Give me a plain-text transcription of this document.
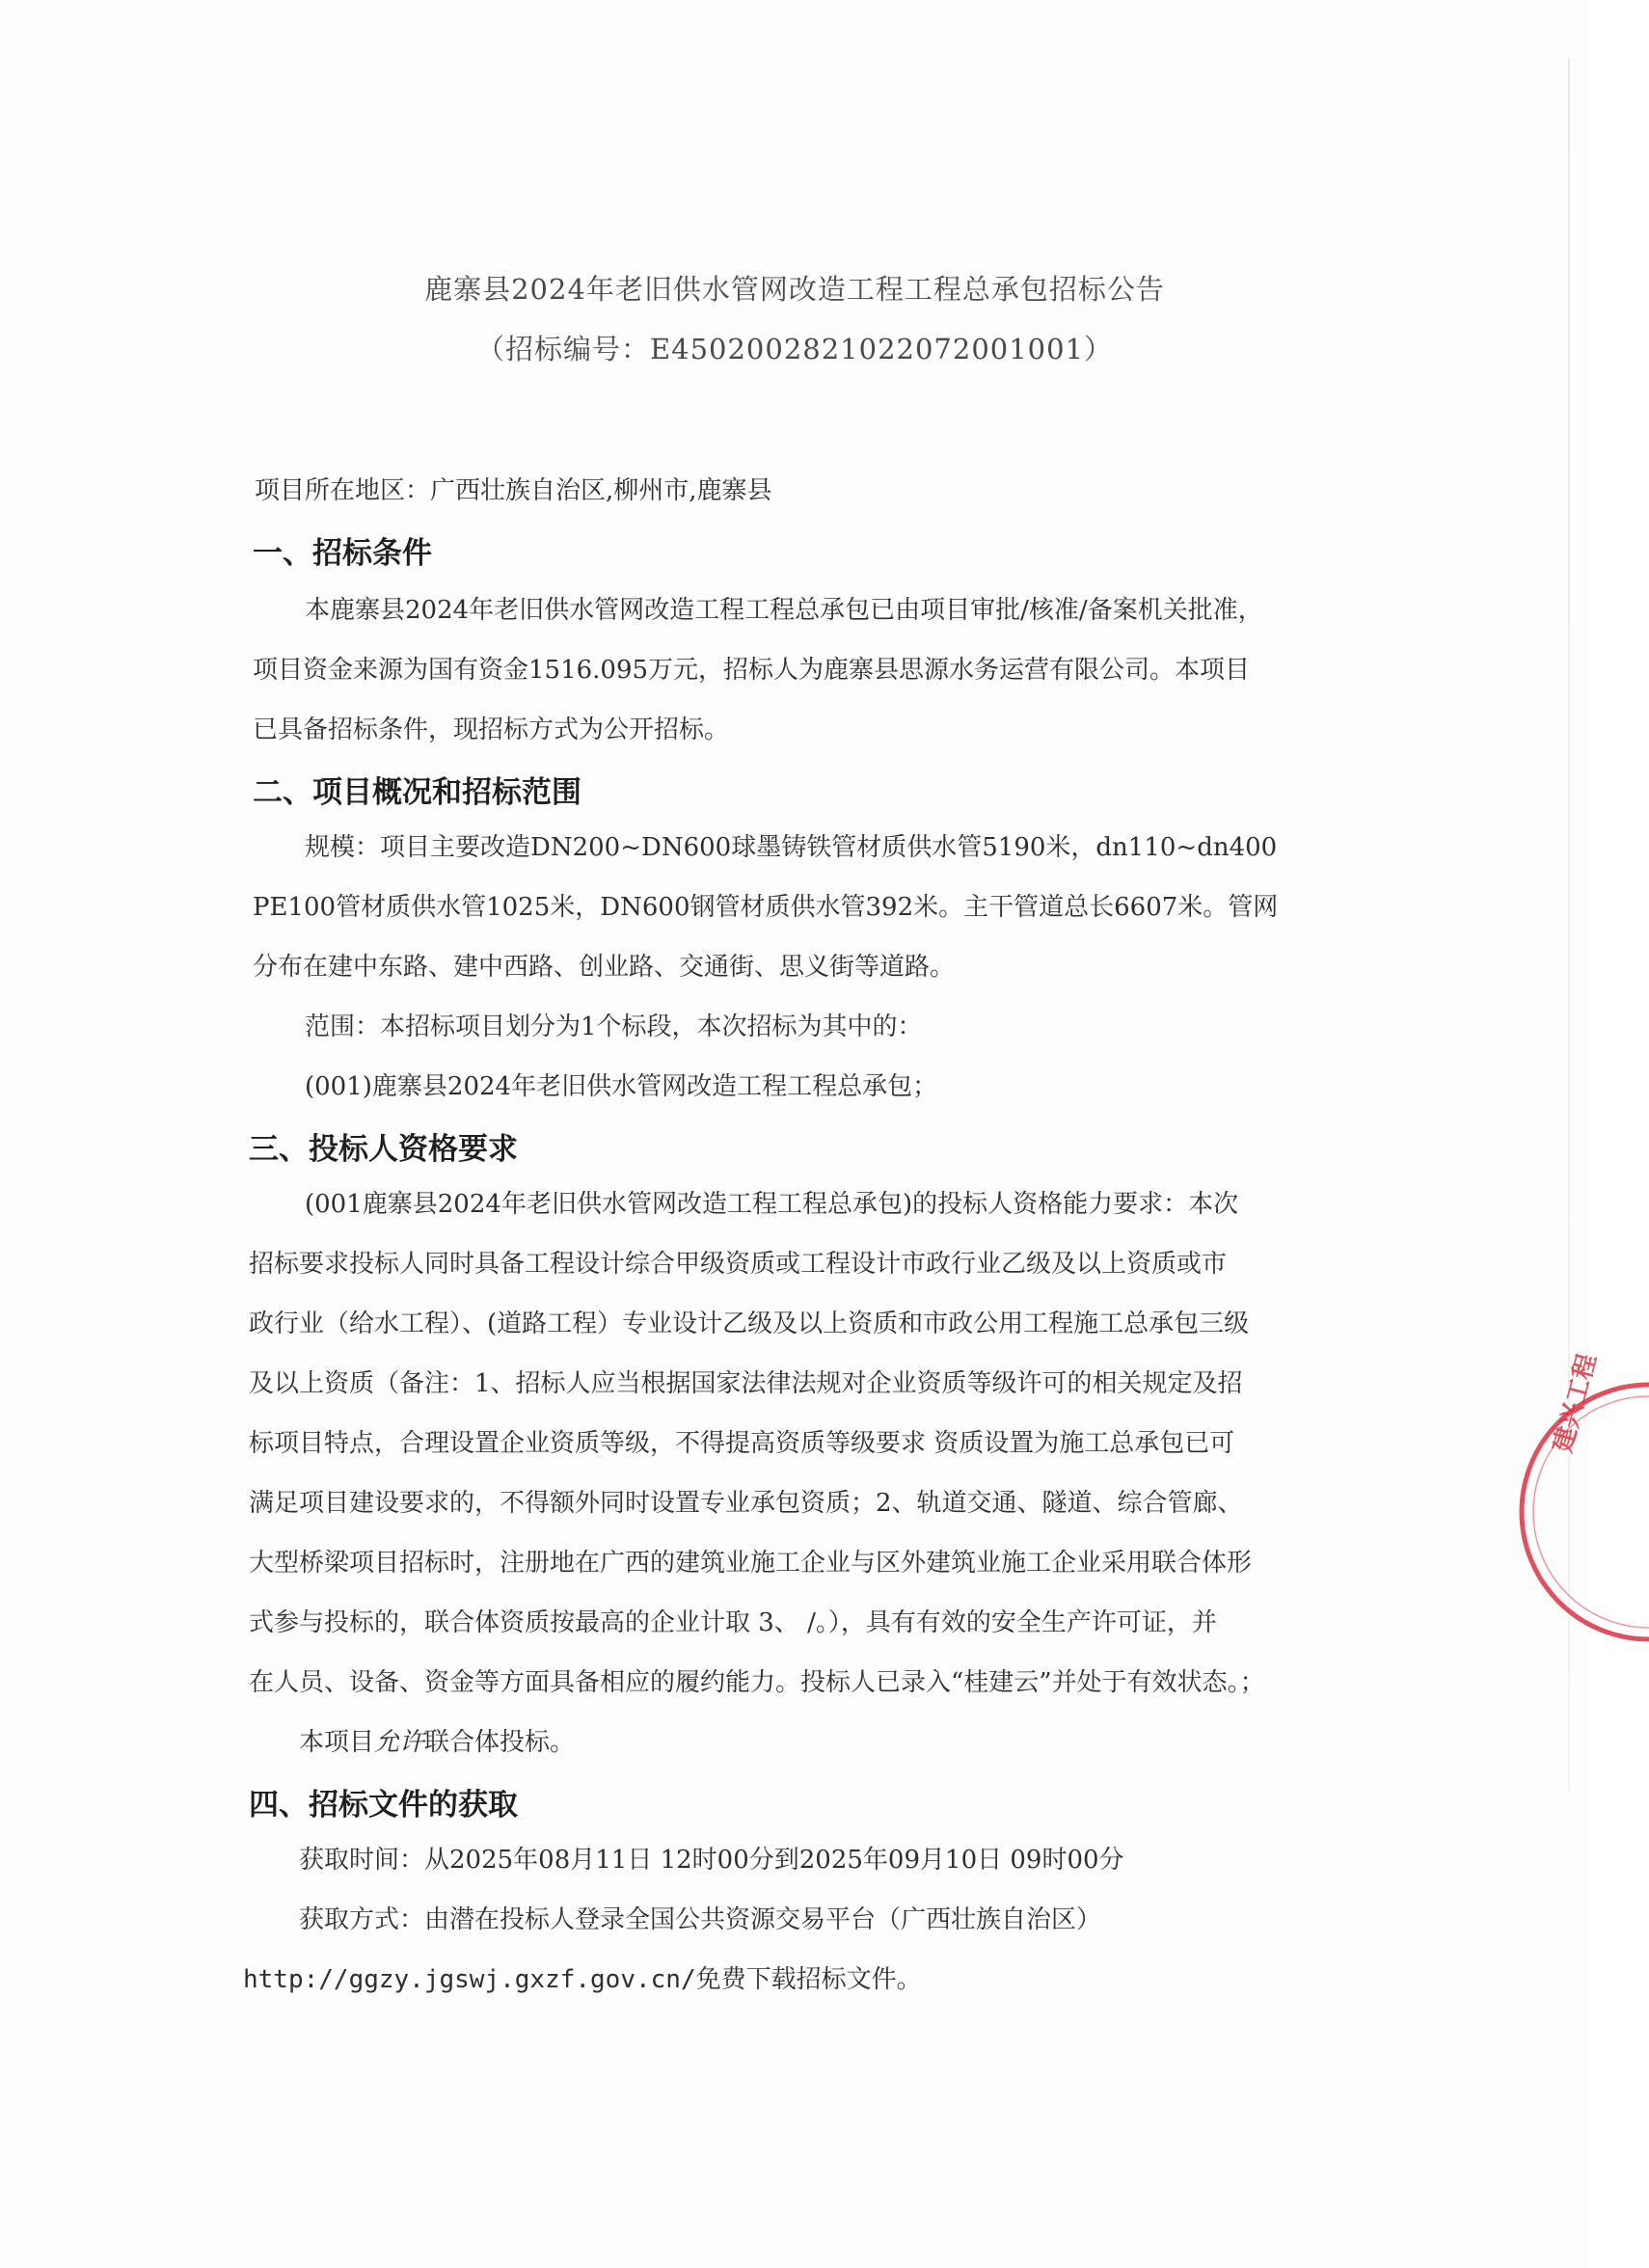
鹿寨县2024年老旧供水管网改造工程工程总承包招标公告
（招标编号：E4502002821022072001001）
项目所在地区：广西壮族自治区,柳州市,鹿寨县
一、招标条件
本鹿寨县2024年老旧供水管网改造工程工程总承包已由项目审批/核准/备案机关批准，
项目资金来源为国有资金1516.095万元，招标人为鹿寨县思源水务运营有限公司。本项目
已具备招标条件，现招标方式为公开招标。
二、项目概况和招标范围
规模：项目主要改造DN200~DN600球墨铸铁管材质供水管5190米，dn110~dn400
PE100管材质供水管1025米，DN600钢管材质供水管392米。主干管道总长6607米。管网
分布在建中东路、建中西路、创业路、交通街、思义街等道路。
范围：本招标项目划分为1个标段，本次招标为其中的：
(001)鹿寨县2024年老旧供水管网改造工程工程总承包；
三、投标人资格要求
(001鹿寨县2024年老旧供水管网改造工程工程总承包)的投标人资格能力要求：本次
招标要求投标人同时具备工程设计综合甲级资质或工程设计市政行业乙级及以上资质或市
政行业（给水工程）、(道路工程）专业设计乙级及以上资质和市政公用工程施工总承包三级
及以上资质（备注：1、招标人应当根据国家法律法规对企业资质等级许可的相关规定及招
标项目特点，合理设置企业资质等级，不得提高资质等级要求 资质设置为施工总承包已可
满足项目建设要求的，不得额外同时设置专业承包资质；2、轨道交通、隧道、综合管廊、
大型桥梁项目招标时，注册地在广西的建筑业施工企业与区外建筑业施工企业采用联合体形
式参与投标的，联合体资质按最高的企业计取 3、 /。），具有有效的安全生产许可证，并
在人员、设备、资金等方面具备相应的履约能力。投标人已录入“桂建云”并处于有效状态。；
本项目允许联合体投标。
四、招标文件的获取
获取时间：从2025年08月11日 12时00分到2025年09月10日 09时00分
获取方式：由潜在投标人登录全国公共资源交易平台（广西壮族自治区）
http://ggzy.jgswj.gxzf.gov.cn/免费下载招标文件。
建兴工程
